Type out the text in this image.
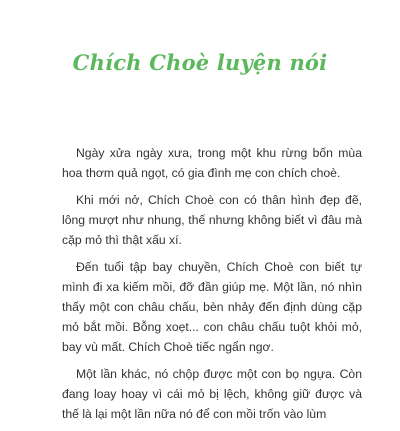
Chích Choè luyện nói

Ngày xửa ngày xưa, trong một khu rừng bốn mùa hoa thơm quả ngọt, có gia đình mẹ con chích choè.

Khi mới nở, Chích Choè con có thân hình đẹp đẽ, lông mượt như nhung, thế nhưng không biết vì đâu mà cặp mỏ thì thật xấu xí.

Đến tuổi tập bay chuyền, Chích Choè con biết tự mình đi xa kiếm mồi, đỡ đần giúp mẹ. Một lần, nó nhìn thấy một con châu chấu, bèn nhảy đến định dùng cặp mỏ bắt mồi. Bỗng xoẹt... con châu chấu tuột khỏi mỏ, bay vù mất. Chích Choè tiếc ngẩn ngơ.

Một lần khác, nó chộp được một con bọ ngựa. Còn đang loay hoay vì cái mỏ bị lệch, không giữ được và thế là lại một lần nữa nó để con mồi trốn vào lùm
